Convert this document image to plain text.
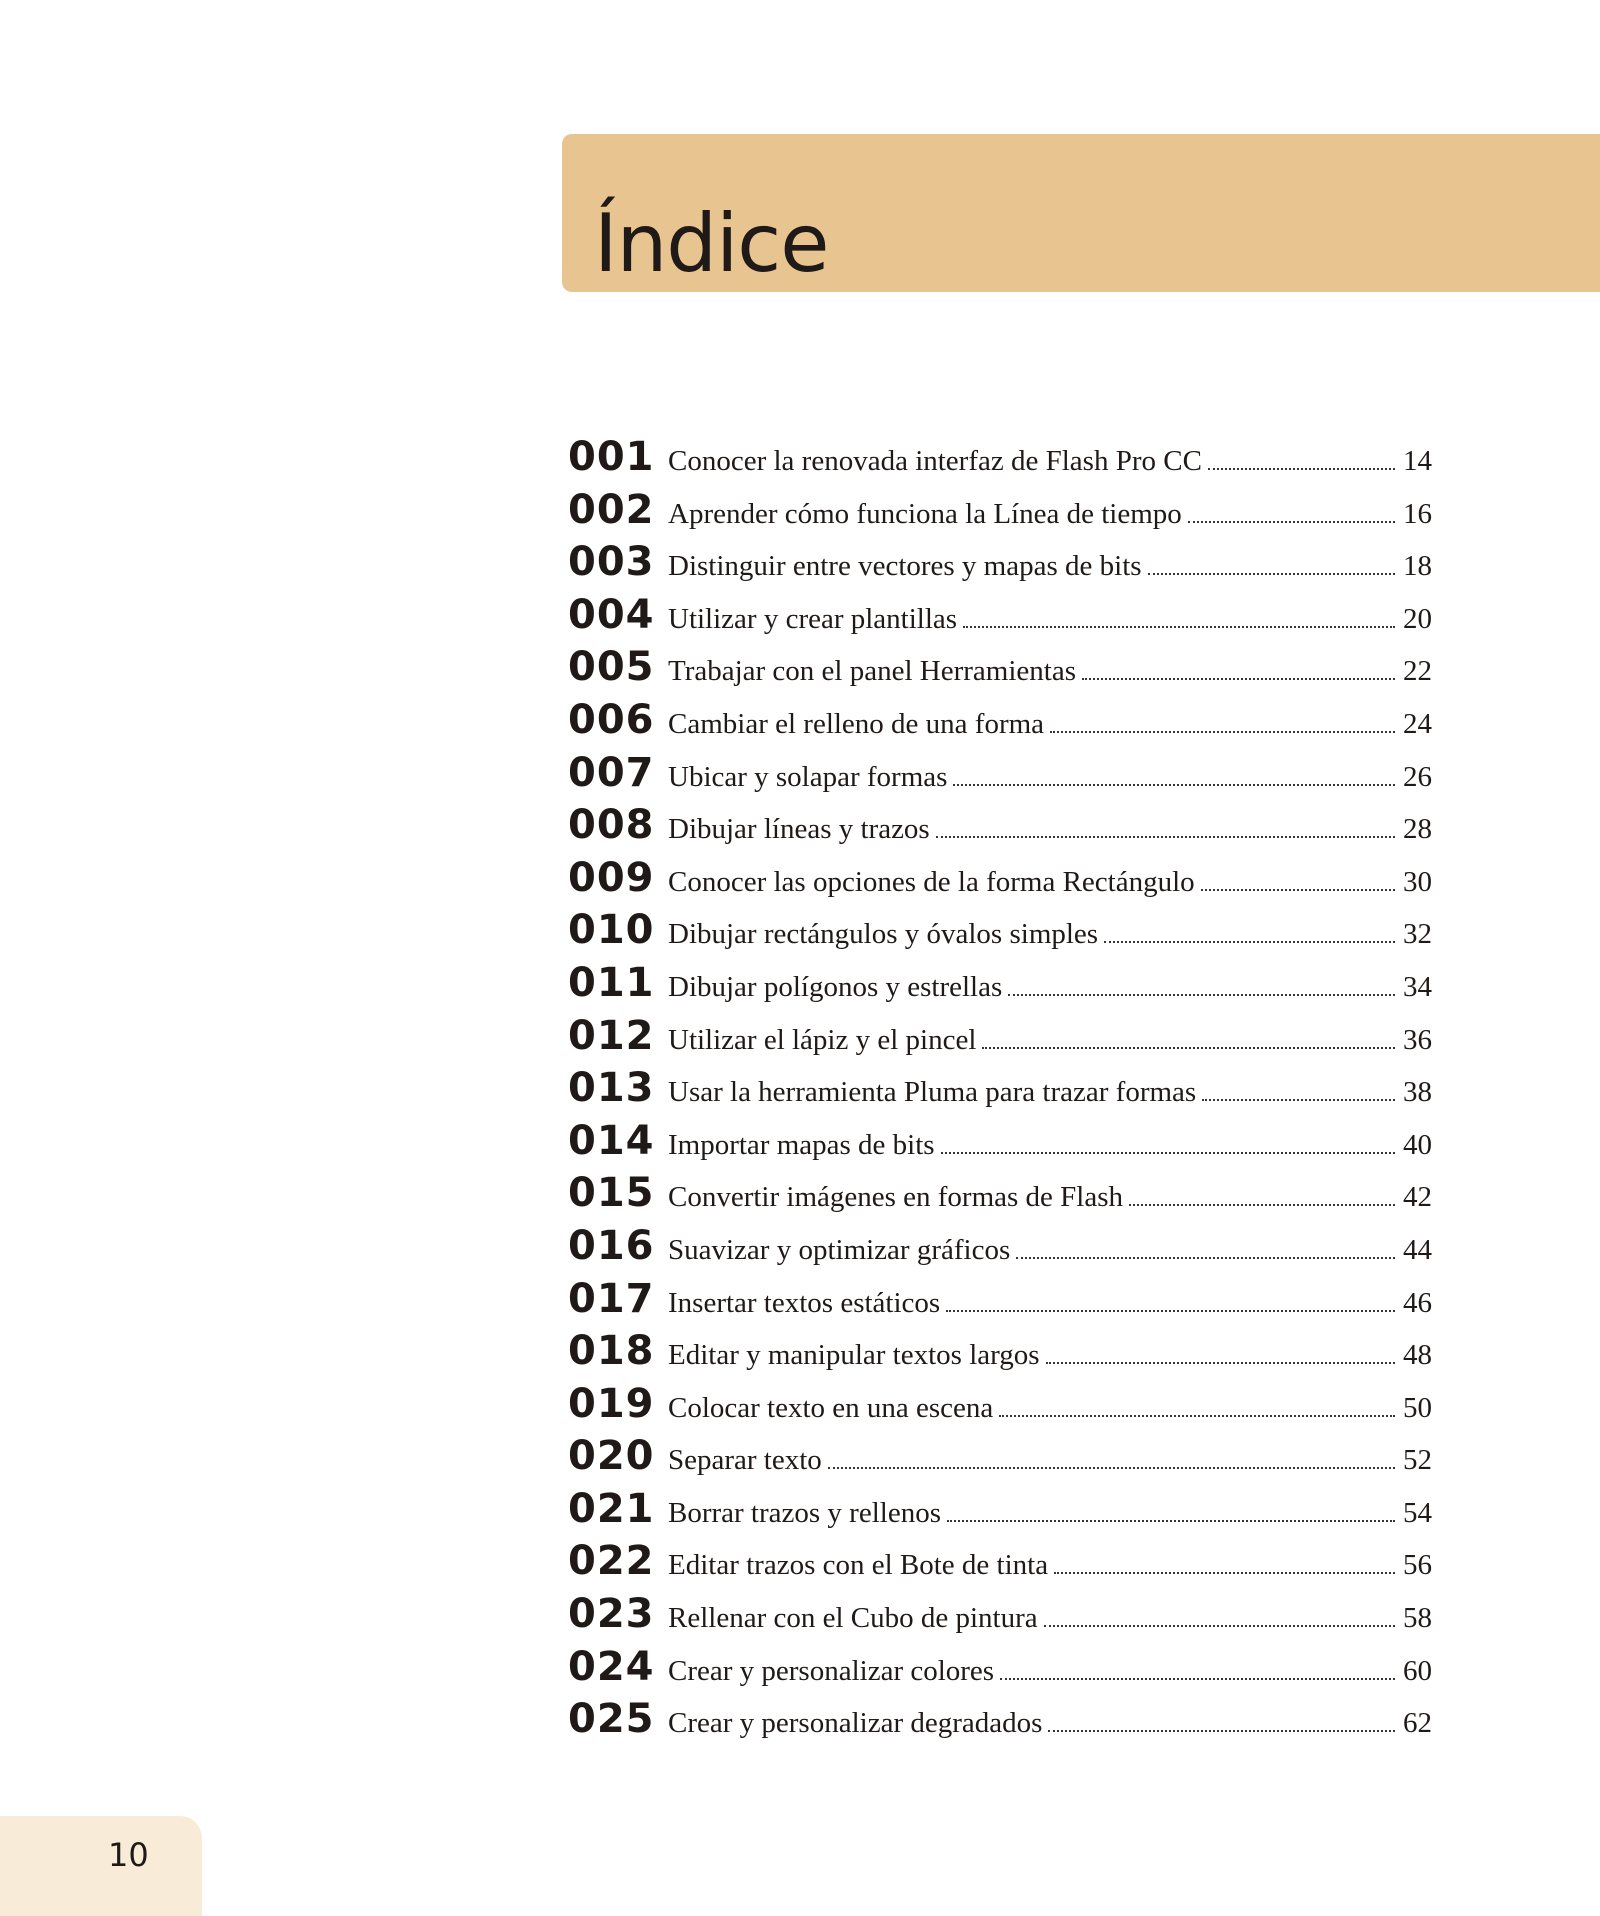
Índice
001 Conocer la renovada interfaz de Flash Pro CC	14
002 Aprender cómo funciona la Línea de tiempo	16
003 Distinguir entre vectores y mapas de bits	18
004 Utilizar y crear plantillas	20
005 Trabajar con el panel Herramientas	22
006 Cambiar el relleno de una forma	24
007 Ubicar y solapar formas	26
008 Dibujar líneas y trazos	28
009 Conocer las opciones de la forma Rectángulo	30
010 Dibujar rectángulos y óvalos simples	32
011 Dibujar polígonos y estrellas	34
012 Utilizar el lápiz y el pincel	36
013 Usar la herramienta Pluma para trazar formas	38
014 Importar mapas de bits	40
015 Convertir imágenes en formas de Flash	42
016 Suavizar y optimizar gráficos	44
017 Insertar textos estáticos	46
018 Editar y manipular textos largos	48
019 Colocar texto en una escena	50
020 Separar texto	52
021 Borrar trazos y rellenos	54
022 Editar trazos con el Bote de tinta	56
023 Rellenar con el Cubo de pintura	58
024 Crear y personalizar colores	60
025 Crear y personalizar degradados	62
10
